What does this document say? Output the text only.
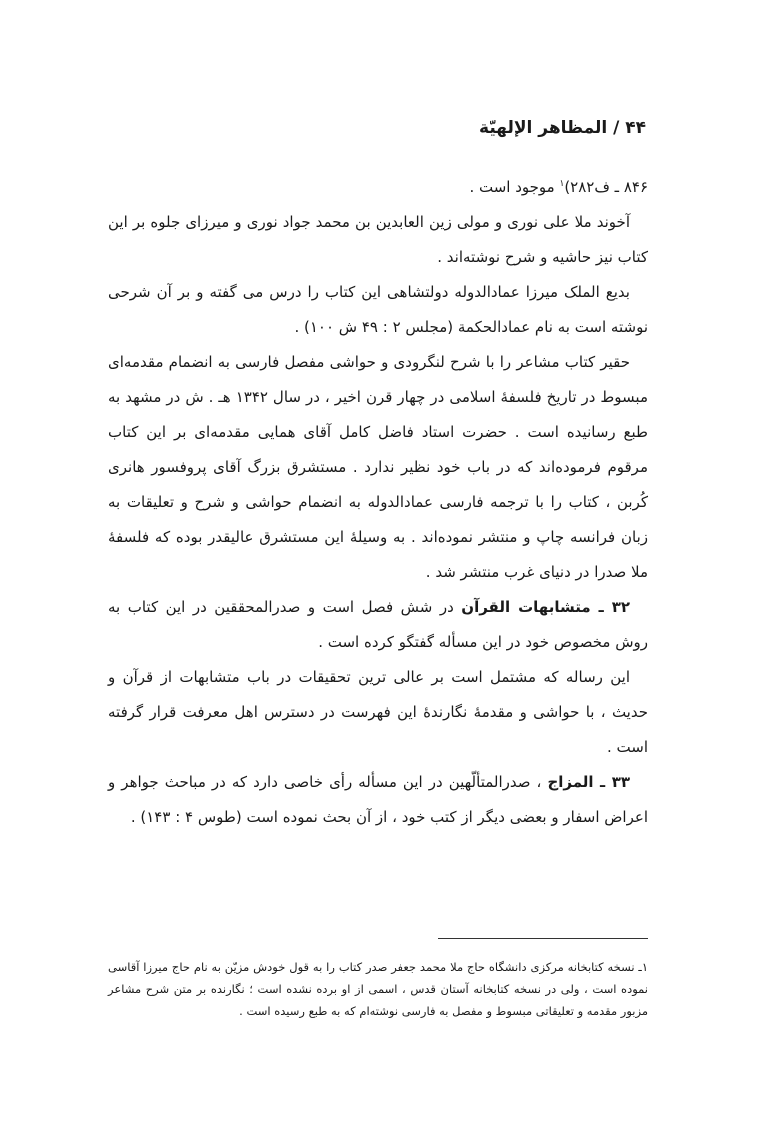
۴۴ / المظاهر الإلهيّة

۸۴۶ ـ ف۲۸۲)$^۱$ موجود است .

آخوند ملا علی نوری و مولی زین العابدین بن محمد جواد نوری و میرزای جلوه بر این کتاب نیز حاشیه و شرح نوشته‌اند .

بدیع الملک میرزا عمادالدوله دولتشاهی این کتاب را درس می گفته و بر آن شرحی نوشته است به نام عمادالحکمة (مجلس ۲ : ۴۹ ش ۱۰۰) .

حقیر کتاب مشاعر را با شرح لنگرودی و حواشی مفصل فارسی به انضمام مقدمه‌ای مبسوط در تاریخ فلسفهٔ اسلامی در چهار قرن اخیر ، در سال ۱۳۴۲ هـ . ش در مشهد به طبع رسانیده است . حضرت استاد فاضل کامل آقای همایی مقدمه‌ای بر این کتاب مرقوم فرموده‌اند که در باب خود نظیر ندارد . مستشرق بزرگ آقای پروفسور هانری کُربن ، کتاب را با ترجمه فارسی عمادالدوله به انضمام حواشی و شرح و تعلیقات به زبان فرانسه چاپ و منتشر نموده‌اند . به وسیلهٔ این مستشرق عالیقدر بوده که فلسفهٔ ملا صدرا در دنیای غرب منتشر شد .

۳۲ ـ متشابهات القرآن در شش فصل است و صدرالمحققین در این کتاب به روش مخصوص خود در این مسأله گفتگو کرده است .

این رساله که مشتمل است بر عالی ترین تحقیقات در باب متشابهات از قرآن و حدیث ، با حواشی و مقدمهٔ نگارندهٔ این فهرست در دسترس اهل معرفت قرار گرفته است .

۳۳ ـ المزاج ، صدرالمتألّهین در این مسأله رأی خاصی دارد که در مباحث جواهر و اعراض اسفار و بعضی دیگر از کتب خود ، از آن بحث نموده است (طوس ۴ : ۱۴۳) .

۱ـ نسخه کتابخانه مرکزی دانشگاه حاج ملا محمد جعفر صدر کتاب را به قول خودش مزیّن به نام حاج میرزا آقاسی نموده است ، ولی در نسخه کتابخانه آستان قدس ، اسمی از او برده نشده است ؛ نگارنده بر متن شرح مشاعر مزبور مقدمه و تعلیقاتی مبسوط و مفصل به فارسی نوشته‌ام که به طبع رسیده است .
